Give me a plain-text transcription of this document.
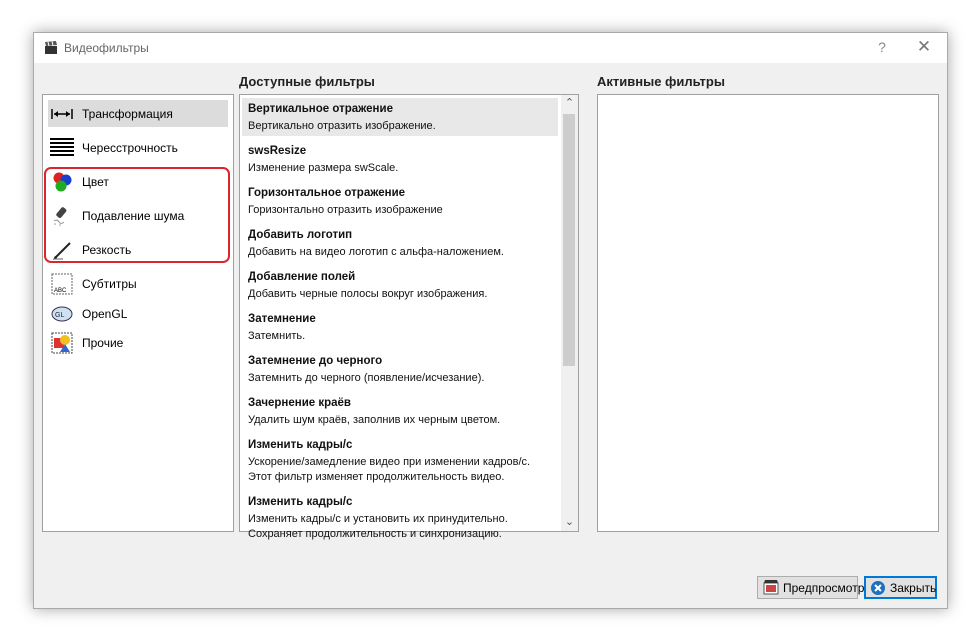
Видеофильтры	?	✕
Доступные фильтры	Активные фильтры
Трансформация
Чересстрочность
Цвет
Подавление шума
Резкость
ABC Субтитры
GL OpenGL
Прочие
Вертикальное отражение
Вертикально отразить изображение.
swsResize
Изменение размера swScale.
Горизонтальное отражение
Горизонтально отразить изображение
Добавить логотип
Добавить на видео логотип с альфа-наложением.
Добавление полей
Добавить черные полосы вокруг изображения.
Затемнение
Затемнить.
Затемнение до черного
Затемнить до черного (появление/исчезание).
Зачернение краёв
Удалить шум краёв, заполнив их черным цветом.
Изменить кадры/с
Ускорение/замедление видео при изменении кадров/с.
Этот фильтр изменяет продолжительность видео.
Изменить кадры/с
Изменить кадры/с и установить их принудительно.
Сохраняет продолжительность и синхронизацию.
⌃
⌄
Предпросмотр Закрыть
